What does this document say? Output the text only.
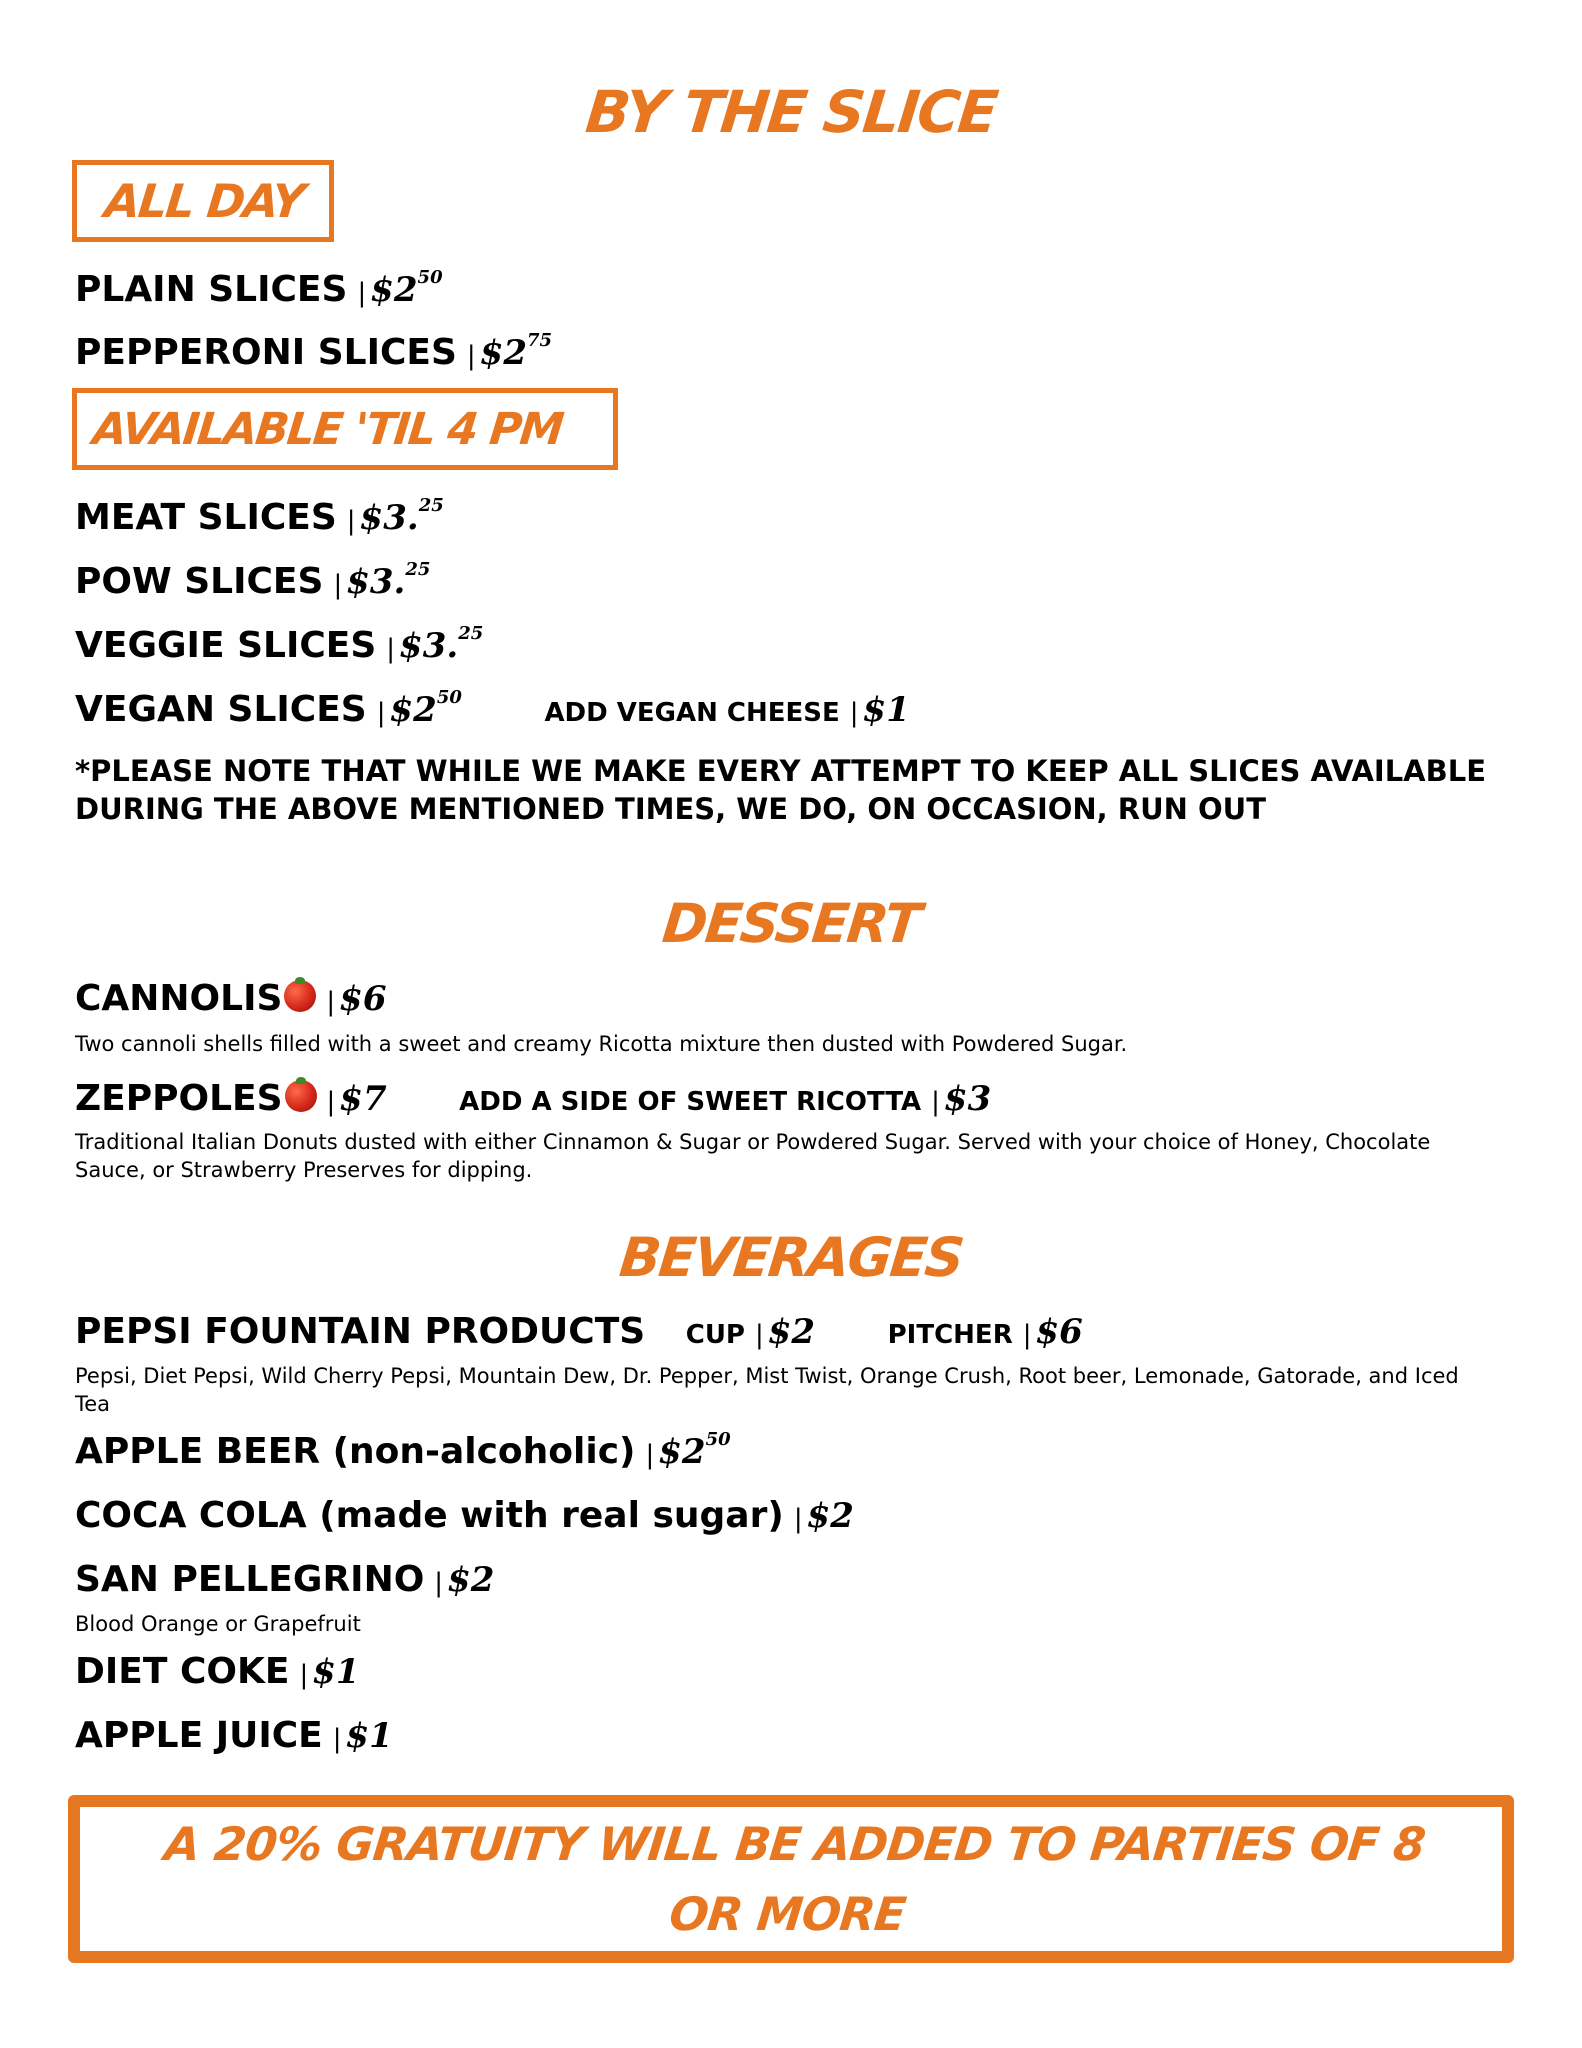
BY THE SLICE
ALL DAY
PLAIN SLICES | $\$2^{50}$
PEPPERONI SLICES | $\$2^{75}$
AVAILABLE 'TIL 4 PM
MEAT SLICES | $3.25
POW SLICES | $3.25
VEGGIE SLICES | $3.25
VEGAN SLICES | $\$2^{50}$ ADD VEGAN CHEESE | $1
*PLEASE NOTE THAT WHILE WE MAKE EVERY ATTEMPT TO KEEP ALL SLICES AVAILABLE DURING THE ABOVE MENTIONED TIMES, WE DO, ON OCCASION, RUN OUT
DESSERT
CANNOLIS | $6
Two cannoli shells filled with a sweet and creamy Ricotta mixture then dusted with Powdered Sugar.
ZEPPOLES | $7	ADD A SIDE OF SWEET RICOTTA | $3
Traditional Italian Donuts dusted with either Cinnamon & Sugar or Powdered Sugar. Served with your choice of Honey, Chocolate Sauce, or Strawberry Preserves for dipping.
BEVERAGES
PEPSI FOUNTAIN PRODUCTS CUP | $2	PITCHER | $6
Pepsi, Diet Pepsi, Wild Cherry Pepsi, Mountain Dew, Dr. Pepper, Mist Twist, Orange Crush, Root beer, Lemonade, Gatorade, and Iced Tea
APPLE BEER (non-alcoholic) | $\$2^{50}$
COCA COLA (made with real sugar) | $2
SAN PELLEGRINO | $2
Blood Orange or Grapefruit
DIET COKE | $1
APPLE JUICE | $1
A 20% GRATUITY WILL BE ADDED TO PARTIES OF 8 OR MORE
